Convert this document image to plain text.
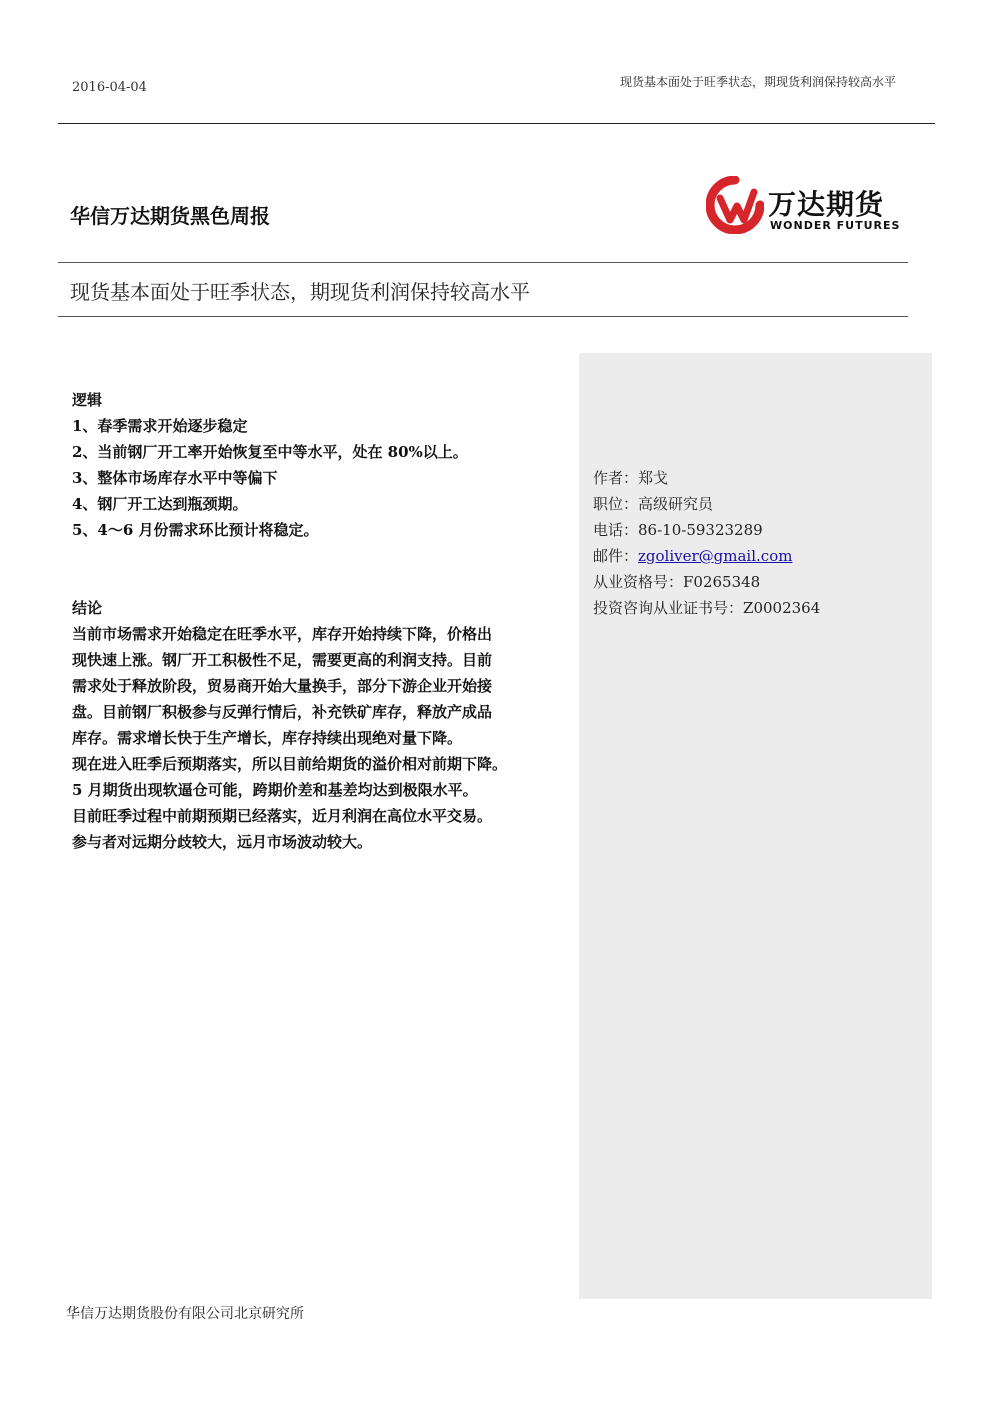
2016-04-04	现货基本面处于旺季状态，期现货利润保持较高水平
华信万达期货黑色周报	万达期货
WONDER FUTURES
现货基本面处于旺季状态，期现货利润保持较高水平
逻辑
1、春季需求开始逐步稳定
2、当前钢厂开工率开始恢复至中等水平，处在 80%以上。
3、整体市场库存水平中等偏下
4、钢厂开工达到瓶颈期。
5、4～6 月份需求环比预计将稳定。
结论
当前市场需求开始稳定在旺季水平，库存开始持续下降，价格出
现快速上涨。钢厂开工积极性不足，需要更高的利润支持。目前
需求处于释放阶段，贸易商开始大量换手，部分下游企业开始接
盘。目前钢厂积极参与反弹行情后，补充铁矿库存，释放产成品
库存。需求增长快于生产增长，库存持续出现绝对量下降。
现在进入旺季后预期落实，所以目前给期货的溢价相对前期下降。
5 月期货出现软逼仓可能，跨期价差和基差均达到极限水平。
目前旺季过程中前期预期已经落实，近月利润在高位水平交易。
参与者对远期分歧较大，远月市场波动较大。
作者：郑戈
职位：高级研究员
电话：86-10-59323289
邮件：zgoliver@gmail.com
从业资格号：F0265348
投资咨询从业证书号：Z0002364
华信万达期货股份有限公司北京研究所
